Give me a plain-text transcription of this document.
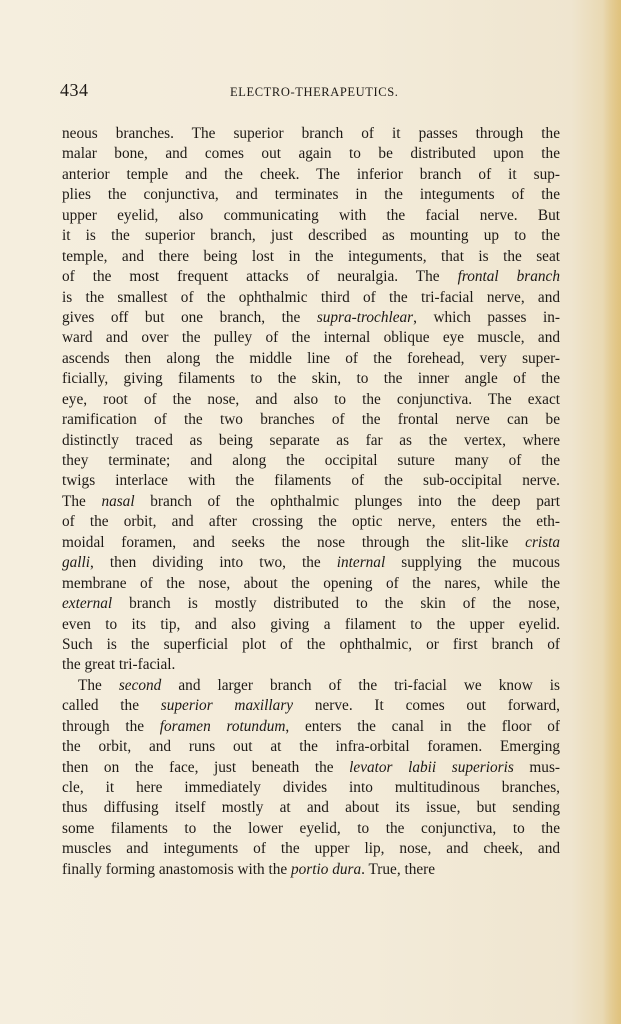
434	ELECTRO-THERAPEUTICS.
neous branches. The superior branch of it passes through the
malar bone, and comes out again to be distributed upon the
anterior temple and the cheek. The inferior branch of it sup-
plies the conjunctiva, and terminates in the integuments of the
upper eyelid, also communicating with the facial nerve. But
it is the superior branch, just described as mounting up to the
temple, and there being lost in the integuments, that is the seat
of the most frequent attacks of neuralgia. The frontal branch
is the smallest of the ophthalmic third of the tri-facial nerve, and
gives off but one branch, the supra-trochlear, which passes in-
ward and over the pulley of the internal oblique eye muscle, and
ascends then along the middle line of the forehead, very super-
ficially, giving filaments to the skin, to the inner angle of the
eye, root of the nose, and also to the conjunctiva. The exact
ramification of the two branches of the frontal nerve can be
distinctly traced as being separate as far as the vertex, where
they terminate; and along the occipital suture many of the
twigs interlace with the filaments of the sub-occipital nerve.
The nasal branch of the ophthalmic plunges into the deep part
of the orbit, and after crossing the optic nerve, enters the eth-
moidal foramen, and seeks the nose through the slit-like crista
galli, then dividing into two, the internal supplying the mucous
membrane of the nose, about the opening of the nares, while the
external branch is mostly distributed to the skin of the nose,
even to its tip, and also giving a filament to the upper eyelid.
Such is the superficial plot of the ophthalmic, or first branch of
the great tri-facial.
The second and larger branch of the tri-facial we know is
called the superior maxillary nerve. It comes out forward,
through the foramen rotundum, enters the canal in the floor of
the orbit, and runs out at the infra-orbital foramen. Emerging
then on the face, just beneath the levator labii superioris mus-
cle, it here immediately divides into multitudinous branches,
thus diffusing itself mostly at and about its issue, but sending
some filaments to the lower eyelid, to the conjunctiva, to the
muscles and integuments of the upper lip, nose, and cheek, and
finally forming anastomosis with the portio dura. True, there
